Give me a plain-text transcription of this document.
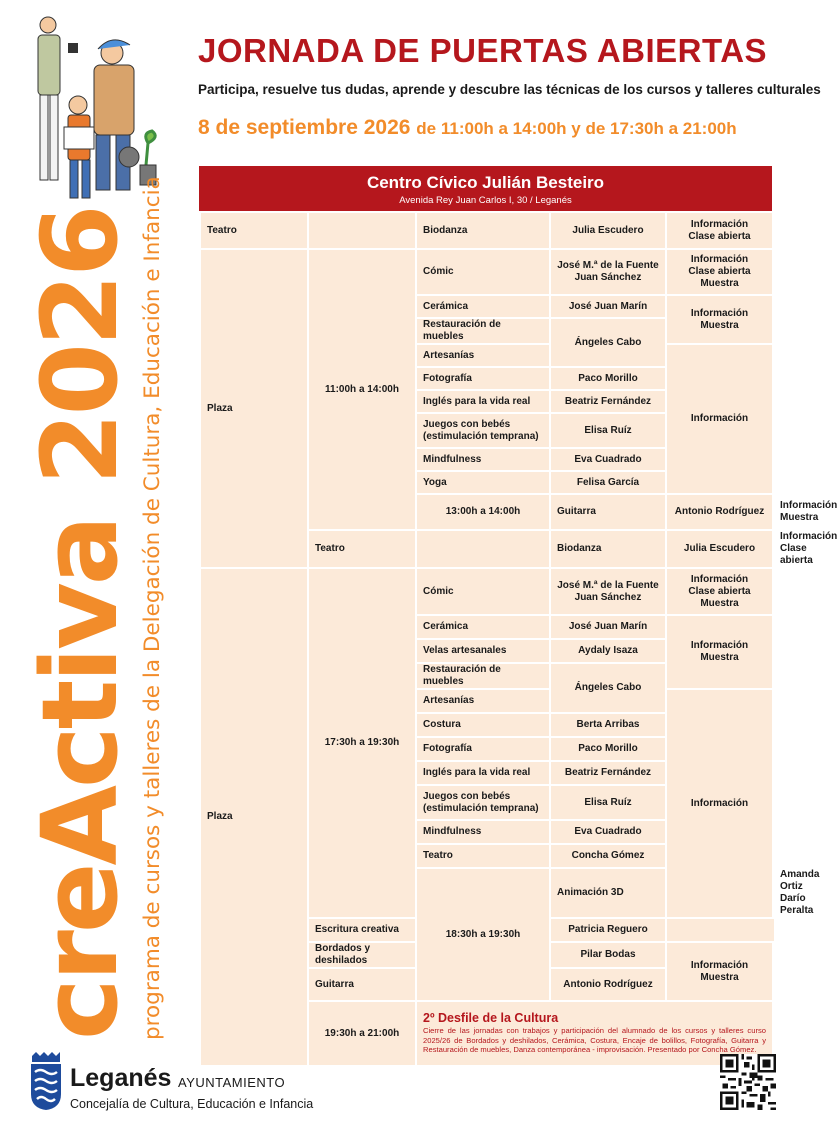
creActiva 2026 programa de cursos y talleres de la Delegación de Cultura, Educación e Infancia
JORNADA DE PUERTAS ABIERTAS
Participa, resuelve tus dudas, aprende y descubre las técnicas de los cursos y talleres culturales
8 de septiembre 2026 de 11:00h a 14:00h y de 17:30h a 21:00h
Centro Cívico Julián Besteiro
Avenida Rey Juan Carlos I, 30 / Leganés
Teatro		Biodanza	Julia Escudero	Información
Clase abierta	
Plaza	11:00h a 14:00h	Cómic	José M.ª de la Fuente
Juan Sánchez	Información
Clase abierta
Muestra	
		Cerámica	José Juan Marín	Información
Muestra	
		Restauración de muebles	Ángeles Cabo		
		Artesanías		Información	
		Fotografía	Paco Morillo		
		Inglés para la vida real	Beatriz Fernández		
		Juegos con bebés
(estimulación temprana)	Elisa Ruíz		
		Mindfulness	Eva Cuadrado		
		Yoga	Felisa García		
		13:00h a 14:00h	Guitarra	Antonio Rodríguez	Información
Muestra
	Teatro		Biodanza	Julia Escudero	Información
Clase abierta
Plaza	17:30h a 19:30h	Cómic	José M.ª de la Fuente
Juan Sánchez	Información
Clase abierta
Muestra	
		Cerámica	José Juan Marín	Información
Muestra	
		Velas artesanales	Aydaly Isaza		
		Restauración de muebles	Ángeles Cabo		
		Artesanías		Información	
		Costura	Berta Arribas		
		Fotografía	Paco Morillo		
		Inglés para la vida real	Beatriz Fernández		
		Juegos con bebés
(estimulación temprana)	Elisa Ruíz		
		Mindfulness	Eva Cuadrado		
		Teatro	Concha Gómez		
		18:30h a 19:30h	Animación 3D		Amanda Ortiz
Darío Peralta
	Escritura creativa		Patricia Reguero		
	Bordados y deshilados		Pilar Bodas	Información
Muestra	
	Guitarra		Antonio Rodríguez		
	19:30h a 21:00h	2º Desfile de la Cultura
Cierre de las jornadas con trabajos y participación del alumnado de los cursos y talleres curso 2025/26 de Bordados y deshilados, Cerámica, Costura, Encaje de bolillos, Fotografía, Guitarra y Restauración de muebles, Danza contemporánea - improvisación. Presentado por Concha Gómez.			
Leganés AYUNTAMIENTO
Concejalía de Cultura, Educación e Infancia
